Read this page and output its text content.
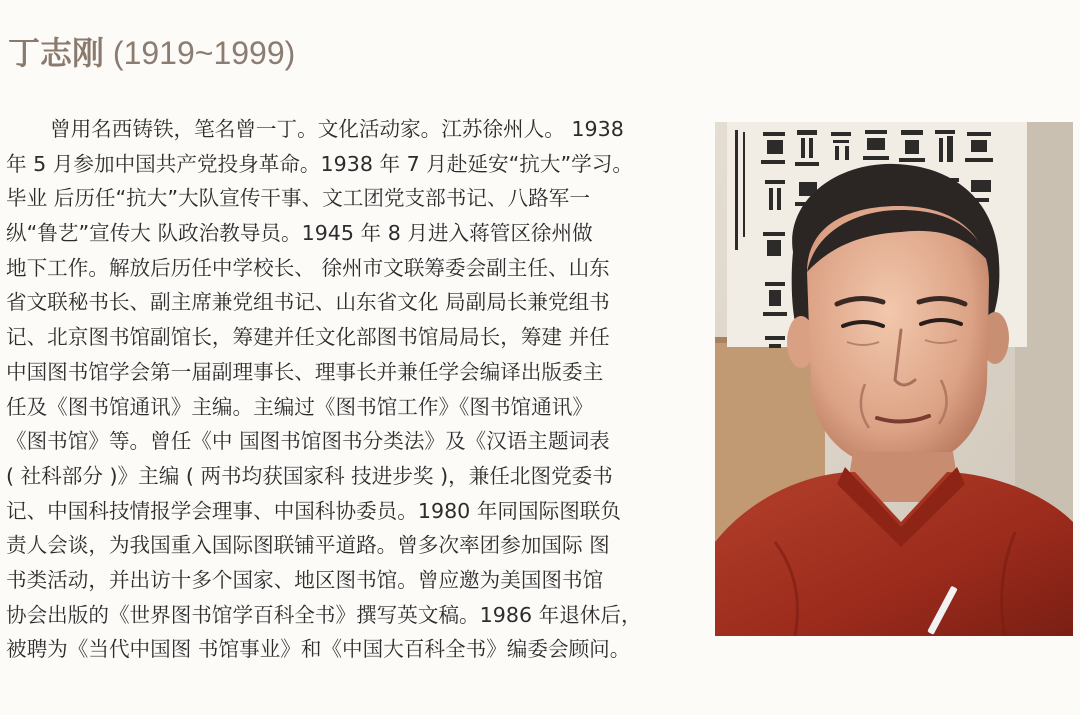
丁志刚 (1919~1999)
曾用名西铸铁，笔名曾一丁。文化活动家。江苏徐州人。 1938
年 5 月参加中国共产党投身革命。1938 年 7 月赴延安“抗大”学习。
毕业 后历任“抗大”大队宣传干事、文工团党支部书记、八路军一
纵“鲁艺”宣传大 队政治教导员。1945 年 8 月进入蒋管区徐州做
地下工作。解放后历任中学校长、 徐州市文联筹委会副主任、山东
省文联秘书长、副主席兼党组书记、山东省文化 局副局长兼党组书
记、北京图书馆副馆长，筹建并任文化部图书馆局局长，筹建 并任
中国图书馆学会第一届副理事长、理事长并兼任学会编译出版委主
任及《图书馆通讯》主编。主编过《图书馆工作》《图书馆通讯》
《图书馆》等。曾任《中 国图书馆图书分类法》及《汉语主题词表
( 社科部分 )》主编 ( 两书均获国家科 技进步奖 )，兼任北图党委书
记、中国科技情报学会理事、中国科协委员。1980 年同国际图联负
责人会谈，为我国重入国际图联铺平道路。曾多次率团参加国际 图
书类活动，并出访十多个国家、地区图书馆。曾应邀为美国图书馆
协会出版的《世界图书馆学百科全书》撰写英文稿。1986 年退休后，
被聘为《当代中国图 书馆事业》和《中国大百科全书》编委会顾问。
